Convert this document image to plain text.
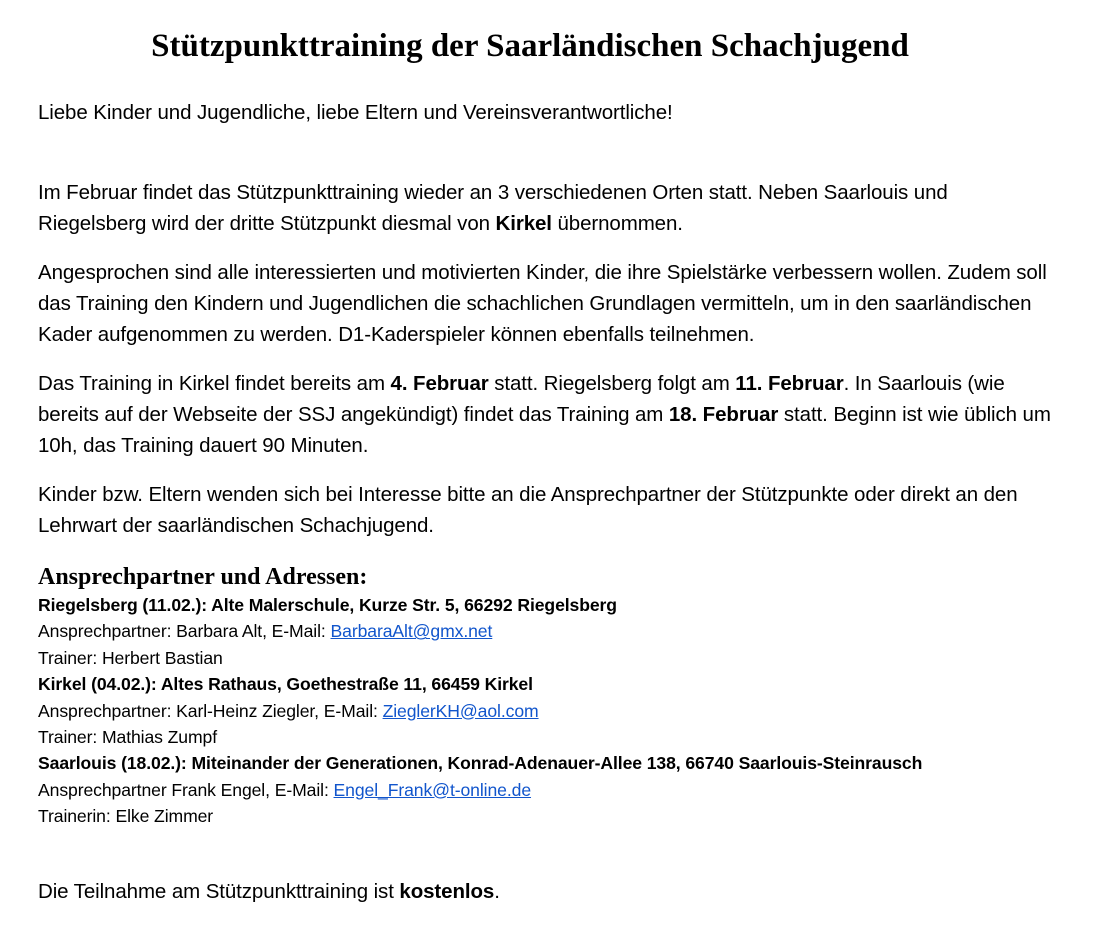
Stützpunkttraining der Saarländischen Schachjugend

Liebe Kinder und Jugendliche, liebe Eltern und Vereinsverantwortliche!

Im Februar findet das Stützpunkttraining wieder an 3 verschiedenen Orten statt. Neben Saarlouis und Riegelsberg wird der dritte Stützpunkt diesmal von Kirkel übernommen.

Angesprochen sind alle interessierten und motivierten Kinder, die ihre Spielstärke verbessern wollen. Zudem soll das Training den Kindern und Jugendlichen die schachlichen Grundlagen vermitteln, um in den saarländischen Kader aufgenommen zu werden. D1-Kaderspieler können ebenfalls teilnehmen.

Das Training in Kirkel findet bereits am 4. Februar statt. Riegelsberg folgt am 11. Februar. In Saarlouis (wie bereits auf der Webseite der SSJ angekündigt) findet das Training am 18. Februar statt. Beginn ist wie üblich um 10h, das Training dauert 90 Minuten.

Kinder bzw. Eltern wenden sich bei Interesse bitte an die Ansprechpartner der Stützpunkte oder direkt an den Lehrwart der saarländischen Schachjugend.

Ansprechpartner und Adressen:
Riegelsberg (11.02.): Alte Malerschule, Kurze Str. 5, 66292 Riegelsberg
Ansprechpartner: Barbara Alt, E-Mail: BarbaraAlt@gmx.net
Trainer: Herbert Bastian
Kirkel (04.02.): Altes Rathaus, Goethestraße 11, 66459 Kirkel
Ansprechpartner: Karl-Heinz Ziegler, E-Mail: ZieglerKH@aol.com
Trainer: Mathias Zumpf
Saarlouis (18.02.): Miteinander der Generationen, Konrad-Adenauer-Allee 138, 66740 Saarlouis-Steinrausch
Ansprechpartner Frank Engel, E-Mail: Engel_Frank@t-online.de
Trainerin: Elke Zimmer

Die Teilnahme am Stützpunkttraining ist kostenlos.
